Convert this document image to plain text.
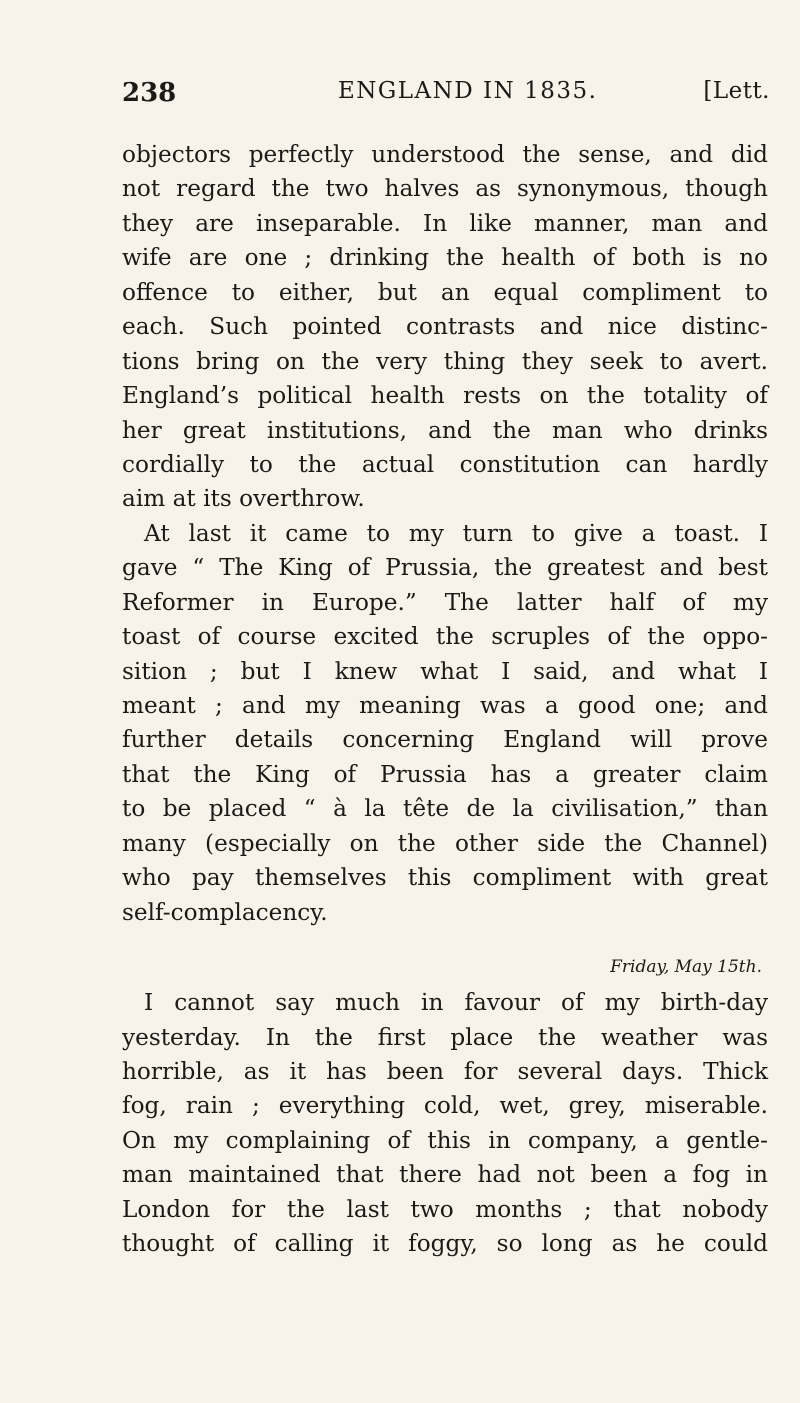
238	ENGLAND IN 1835.	[Lett.
objectors perfectly understood the sense, and did
not regard the two halves as synonymous, though
they are inseparable. In like manner, man and
wife are one ; drinking the health of both is no
offence to either, but an equal compliment to
each. Such pointed contrasts and nice distinc-
tions bring on the very thing they seek to avert.
England’s political health rests on the totality of
her great institutions, and the man who drinks
cordially to the actual constitution can hardly
aim at its overthrow.
At last it came to my turn to give a toast. I
gave “ The King of Prussia, the greatest and best
Reformer in Europe.” The latter half of my
toast of course excited the scruples of the oppo-
sition ; but I knew what I said, and what I
meant ; and my meaning was a good one; and
further details concerning England will prove
that the King of Prussia has a greater claim
to be placed “ à la tête de la civilisation,” than
many (especially on the other side the Channel)
who pay themselves this compliment with great
self-complacency.
Friday, May 15th.
I cannot say much in favour of my birth-day
yesterday. In the first place the weather was
horrible, as it has been for several days. Thick
fog, rain ; everything cold, wet, grey, miserable.
On my complaining of this in company, a gentle-
man maintained that there had not been a fog in
London for the last two months ; that nobody
thought of calling it foggy, so long as he could
